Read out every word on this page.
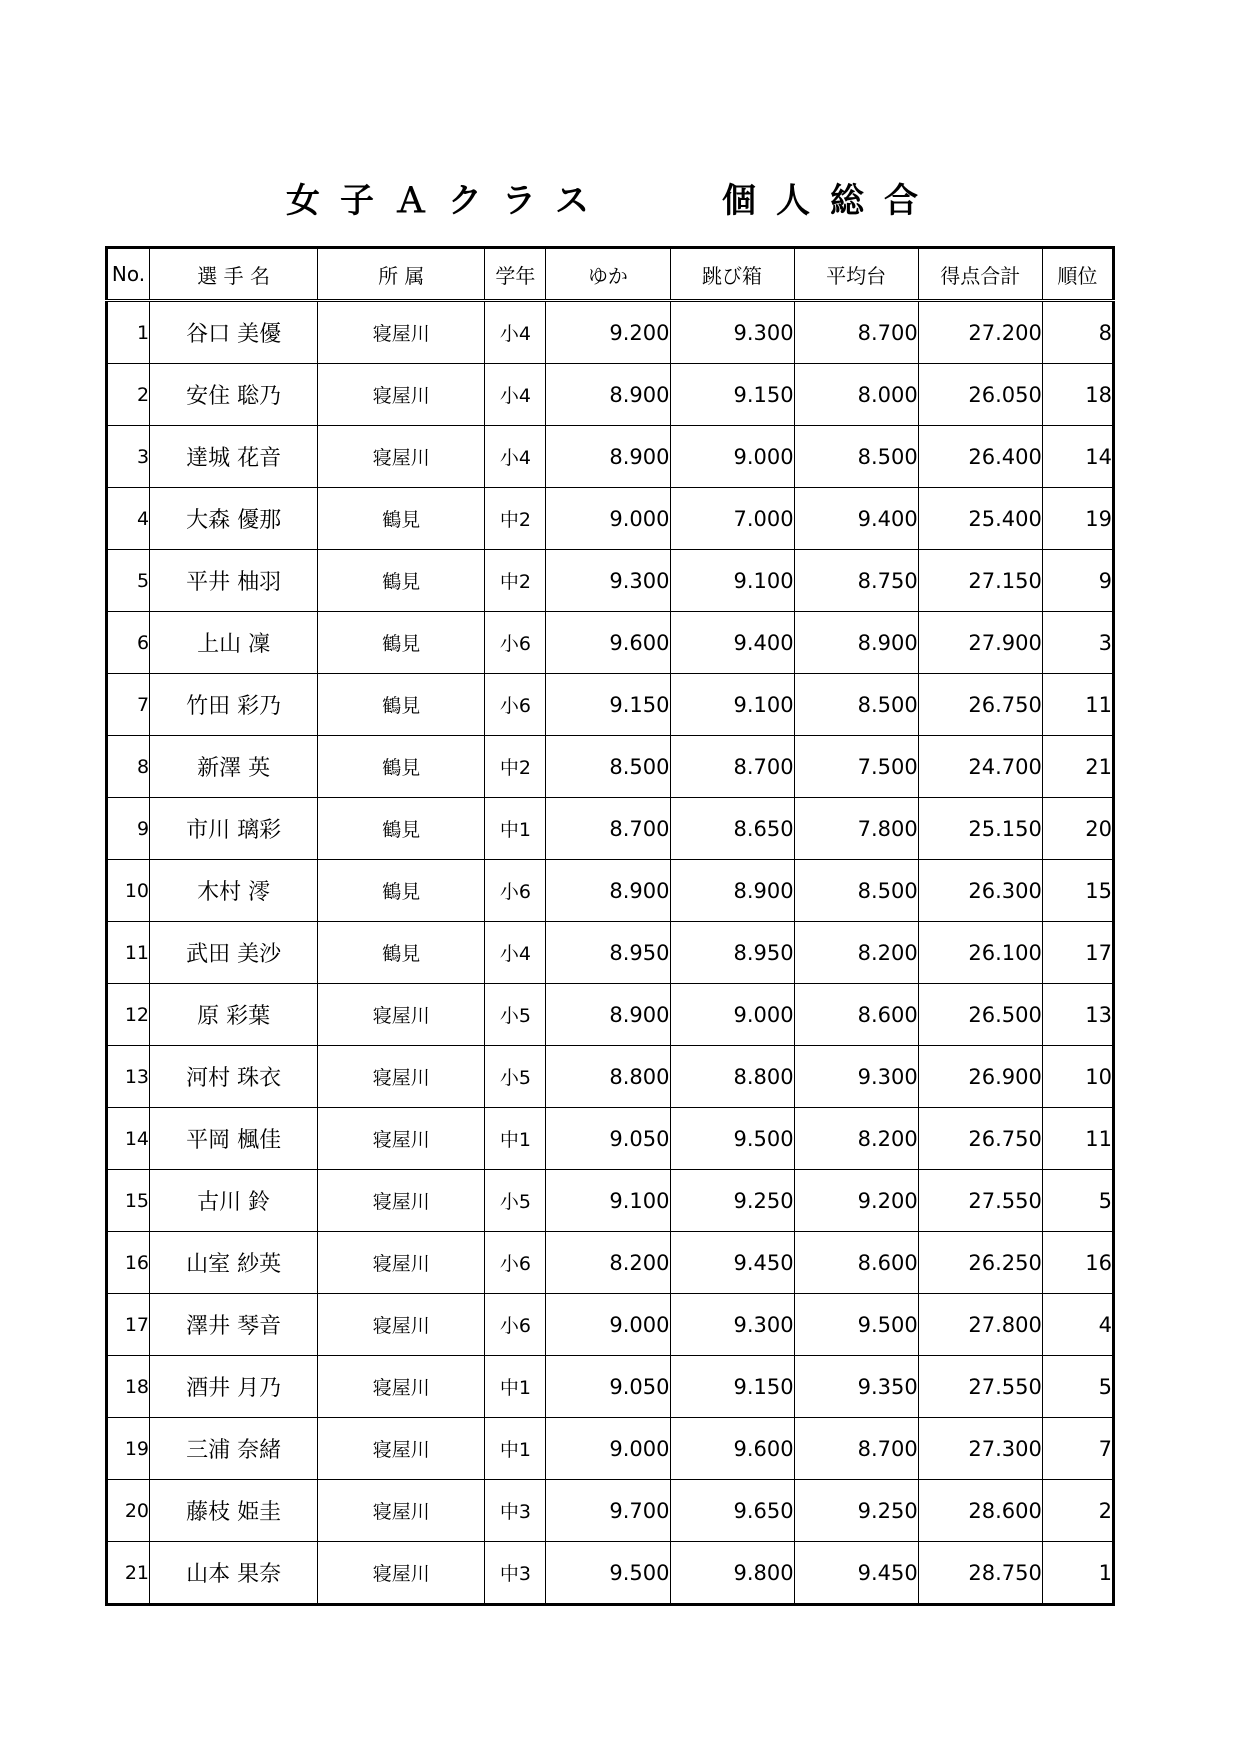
女子Ａクラス	個人総合
No.	選 手 名	所 属	学年	ゆか	跳び箱	平均台	得点合計	順位
1	谷口 美優	寝屋川	小4	9.200	9.300	8.700	27.200	8
2	安住 聡乃	寝屋川	小4	8.900	9.150	8.000	26.050	18
3	達城 花音	寝屋川	小4	8.900	9.000	8.500	26.400	14
4	大森 優那	鶴見	中2	9.000	7.000	9.400	25.400	19
5	平井 柚羽	鶴見	中2	9.300	9.100	8.750	27.150	9
6	上山 凜	鶴見	小6	9.600	9.400	8.900	27.900	3
7	竹田 彩乃	鶴見	小6	9.150	9.100	8.500	26.750	11
8	新澤 英	鶴見	中2	8.500	8.700	7.500	24.700	21
9	市川 璃彩	鶴見	中1	8.700	8.650	7.800	25.150	20
10	木村 澪	鶴見	小6	8.900	8.900	8.500	26.300	15
11	武田 美沙	鶴見	小4	8.950	8.950	8.200	26.100	17
12	原 彩葉	寝屋川	小5	8.900	9.000	8.600	26.500	13
13	河村 珠衣	寝屋川	小5	8.800	8.800	9.300	26.900	10
14	平岡 楓佳	寝屋川	中1	9.050	9.500	8.200	26.750	11
15	古川 鈴	寝屋川	小5	9.100	9.250	9.200	27.550	5
16	山室 紗英	寝屋川	小6	8.200	9.450	8.600	26.250	16
17	澤井 琴音	寝屋川	小6	9.000	9.300	9.500	27.800	4
18	酒井 月乃	寝屋川	中1	9.050	9.150	9.350	27.550	5
19	三浦 奈緒	寝屋川	中1	9.000	9.600	8.700	27.300	7
20	藤枝 姫圭	寝屋川	中3	9.700	9.650	9.250	28.600	2
21	山本 果奈	寝屋川	中3	9.500	9.800	9.450	28.750	1
